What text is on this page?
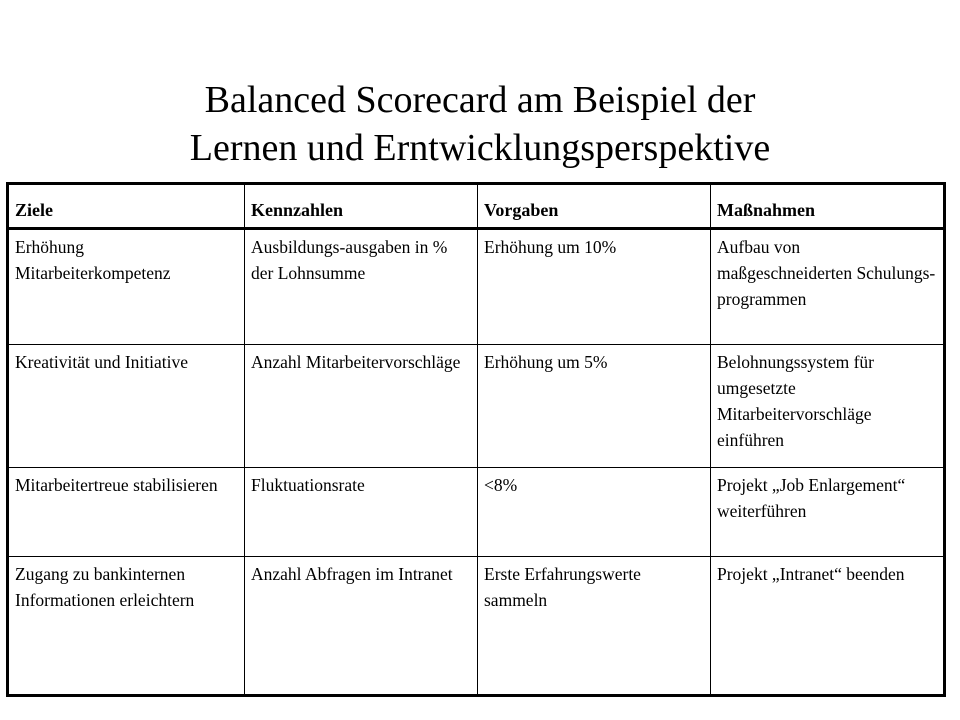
Balanced Scorecard am Beispiel der
Lernen und Erntwicklungsperspektive
Ziele	Kennzahlen	Vorgaben	Maßnahmen
Erhöhung Mitarbeiterkompetenz	Ausbildungs-ausgaben in % der Lohnsumme	Erhöhung um 10%	Aufbau von maßgeschneiderten Schulungs-programmen
Kreativität und Initiative	Anzahl Mitarbeitervorschläge	Erhöhung um 5%	Belohnungssystem für umgesetzte Mitarbeitervorschläge einführen
Mitarbeitertreue stabilisieren	Fluktuationsrate	<8%	Projekt „Job Enlargement“ weiterführen
Zugang zu bankinternen Informationen erleichtern	Anzahl Abfragen im Intranet	Erste Erfahrungswerte sammeln	Projekt „Intranet“ beenden
